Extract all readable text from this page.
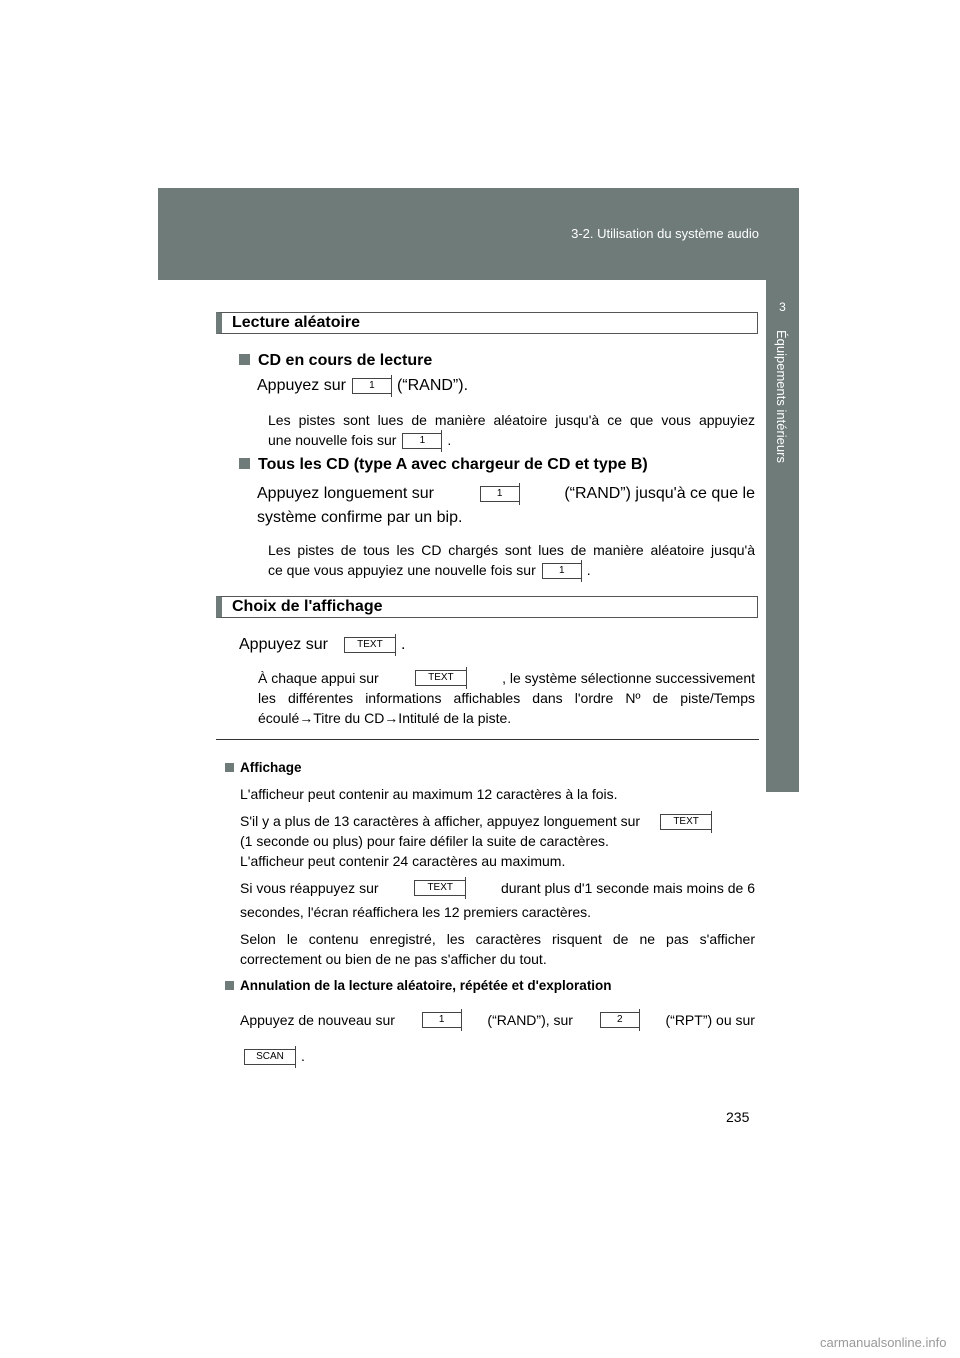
3-2. Utilisation du système audio
3
Équipements intérieurs
Lecture aléatoire
CD en cours de lecture
Appuyez sur 1 (“RAND”).
Les pistes sont lues de manière aléatoire jusqu'à ce que vous appuyiez
une nouvelle fois sur 1 .
Tous les CD (type A avec chargeur de CD et type B)
Appuyez longuement sur	1	(“RAND”) jusqu'à ce que le
système confirme par un bip.
Les pistes de tous les CD chargés sont lues de manière aléatoire jusqu'à
ce que vous appuyiez une nouvelle fois sur 1 .
Choix de l'affichage
Appuyez sur	TEXT .
À chaque appui sur	TEXT	, le système sélectionne successivement
les différentes informations affichables dans l'ordre Nº de piste/Temps
écoulé→Titre du CD→Intitulé de la piste.
Affichage
L'afficheur peut contenir au maximum 12 caractères à la fois.
S'il y a plus de 13 caractères à afficher, appuyez longuement sur	TEXT
(1 seconde ou plus) pour faire défiler la suite de caractères.
L'afficheur peut contenir 24 caractères au maximum.
Si vous réappuyez sur	TEXT	durant plus d'1 seconde mais moins de 6
secondes, l'écran réaffichera les 12 premiers caractères.
Selon le contenu enregistré, les caractères risquent de ne pas s'afficher
correctement ou bien de ne pas s'afficher du tout.
Annulation de la lecture aléatoire, répétée et d'exploration
Appuyez de nouveau sur	1	(“RAND”), sur	2	(“RPT”) ou sur
SCAN .
235
carmanualsonline.info
